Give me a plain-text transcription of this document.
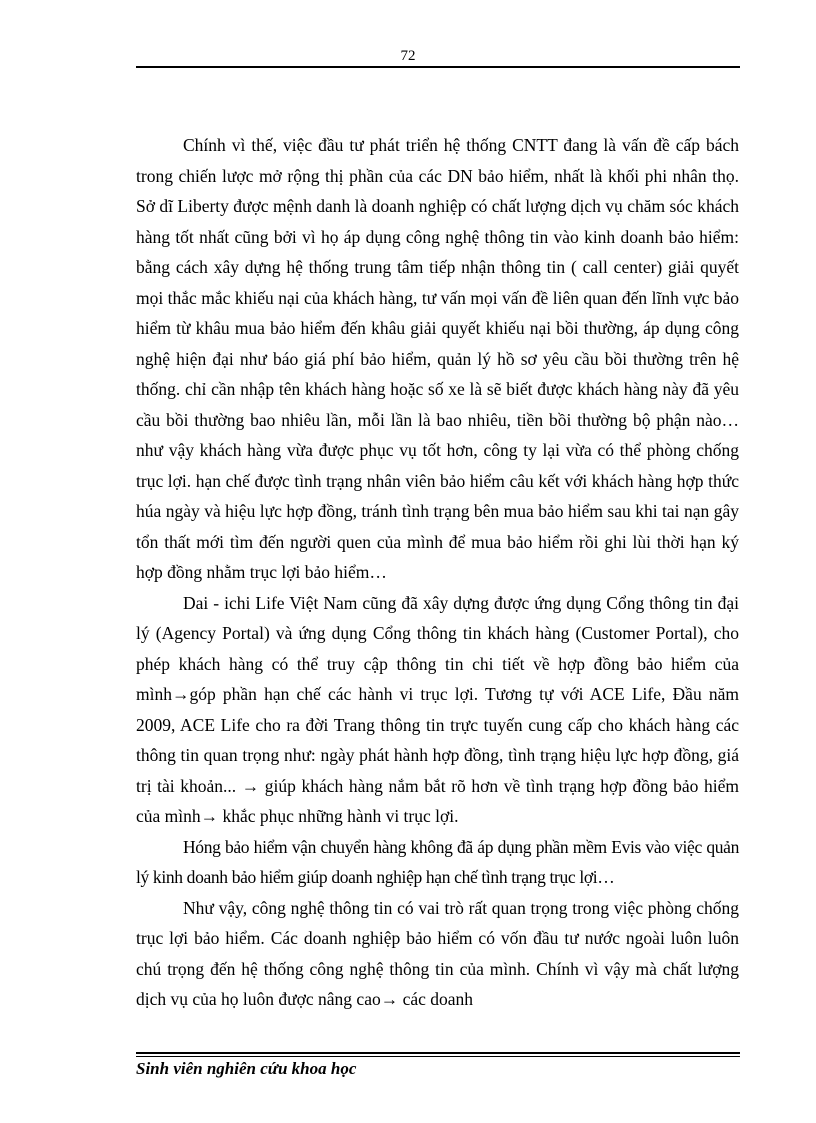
72

Chính vì thế, việc đầu tư phát triển hệ thống CNTT đang là vấn đề cấp bách trong chiến lược mở rộng thị phần của các DN bảo hiểm, nhất là khối phi nhân thọ. Sở dĩ Liberty được mệnh danh là doanh nghiệp có chất lượng dịch vụ chăm sóc khách hàng tốt nhất cũng bởi vì họ áp dụng công nghệ thông tin vào kinh doanh bảo hiểm: bằng cách xây dựng hệ thống trung tâm tiếp nhận thông tin ( call center) giải quyết mọi thắc mắc khiếu nại của khách hàng, tư vấn mọi vấn đề liên quan đến lĩnh vực bảo hiểm từ khâu mua bảo hiểm đến khâu giải quyết khiếu nại bồi thường, áp dụng công nghệ hiện đại như báo giá phí bảo hiểm, quản lý hồ sơ yêu cầu bồi thường trên hệ thống. chỉ cần nhập tên khách hàng hoặc số xe là sẽ biết được khách hàng này đã yêu cầu bồi thường bao nhiêu lần, mỗi lần là bao nhiêu, tiền bồi thường bộ phận nào… như vậy khách hàng vừa được phục vụ tốt hơn, công ty lại vừa có thể phòng chống trục lợi. hạn chế được tình trạng nhân viên bảo hiểm câu kết với khách hàng hợp thức húa ngày và hiệu lực hợp đồng, tránh tình trạng bên mua bảo hiểm sau khi tai nạn gây tổn thất mới tìm đến người quen của mình để mua bảo hiểm rồi ghi lùi thời hạn ký hợp đồng nhằm trục lợi bảo hiểm…

Dai - ichi Life Việt Nam cũng đã xây dựng được ứng dụng Cổng thông tin đại lý (Agency Portal) và ứng dụng Cổng thông tin khách hàng (Customer Portal), cho phép khách hàng có thể truy cập thông tin chi tiết về hợp đồng bảo hiểm của mình→góp phần hạn chế các hành vi trục lợi. Tương tự với ACE Life, Đầu năm 2009, ACE Life cho ra đời Trang thông tin trực tuyến cung cấp cho khách hàng các thông tin quan trọng như: ngày phát hành hợp đồng, tình trạng hiệu lực hợp đồng, giá trị tài khoản... → giúp khách hàng nắm bắt rõ hơn về tình trạng hợp đồng bảo hiểm của mình→ khắc phục những hành vi trục lợi.

Hóng bảo hiểm vận chuyển hàng không đã áp dụng phần mềm Evis vào việc quản lý kinh doanh bảo hiểm giúp doanh nghiệp hạn chế tình trạng trục lợi…

Như vậy, công nghệ thông tin có vai trò rất quan trọng trong việc phòng chống trục lợi bảo hiểm. Các doanh nghiệp bảo hiểm có vốn đầu tư nước ngoài luôn luôn chú trọng đến hệ thống công nghệ thông tin của mình. Chính vì vậy mà chất lượng dịch vụ của họ luôn được nâng cao→ các doanh

Sinh viên nghiên cứu khoa học
